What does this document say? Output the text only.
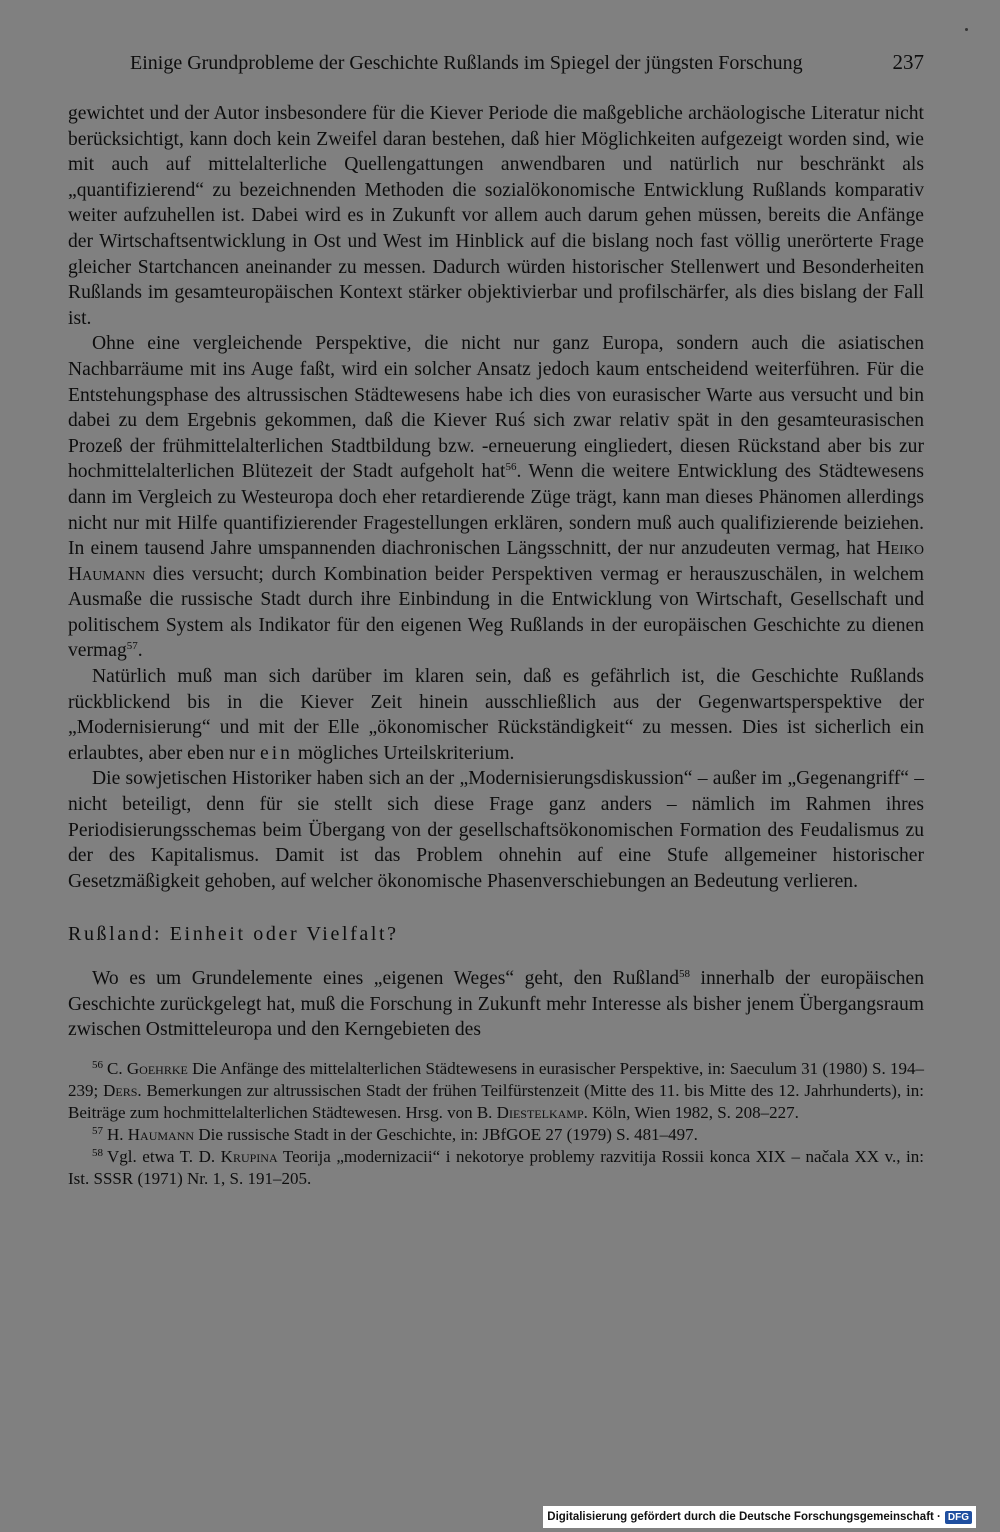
Einige Grundprobleme der Geschichte Rußlands im Spiegel der jüngsten Forschung	237

gewichtet und der Autor insbesondere für die Kiever Periode die maßgebliche archäologische Literatur nicht berücksichtigt, kann doch kein Zweifel daran bestehen, daß hier Möglichkeiten aufgezeigt worden sind, wie mit auch auf mittelalterliche Quellengattungen anwendbaren und natürlich nur beschränkt als „quantifizierend“ zu bezeichnenden Methoden die sozialökonomische Entwicklung Rußlands komparativ weiter aufzuhellen ist. Dabei wird es in Zukunft vor allem auch darum gehen müssen, bereits die Anfänge der Wirtschaftsentwicklung in Ost und West im Hinblick auf die bislang noch fast völlig unerörterte Frage gleicher Startchancen aneinander zu messen. Dadurch würden historischer Stellenwert und Besonderheiten Rußlands im gesamteuropäischen Kontext stärker objektivierbar und profilschärfer, als dies bislang der Fall ist.

Ohne eine vergleichende Perspektive, die nicht nur ganz Europa, sondern auch die asiatischen Nachbarräume mit ins Auge faßt, wird ein solcher Ansatz jedoch kaum entscheidend weiterführen. Für die Entstehungsphase des altrussischen Städtewesens habe ich dies von eurasischer Warte aus versucht und bin dabei zu dem Ergebnis gekommen, daß die Kiever Ruś sich zwar relativ spät in den gesamteurasischen Prozeß der frühmittelalterlichen Stadtbildung bzw. -erneuerung eingliedert, diesen Rückstand aber bis zur hochmittelalterlichen Blütezeit der Stadt aufgeholt hat$^{56}$. Wenn die weitere Entwicklung des Städtewesens dann im Vergleich zu Westeuropa doch eher retardierende Züge trägt, kann man dieses Phänomen allerdings nicht nur mit Hilfe quantifizierender Fragestellungen erklären, sondern muß auch qualifizierende beiziehen. In einem tausend Jahre umspannenden diachronischen Längsschnitt, der nur anzudeuten vermag, hat Heiko Haumann dies versucht; durch Kombination beider Perspektiven vermag er herauszuschälen, in welchem Ausmaße die russische Stadt durch ihre Einbindung in die Entwicklung von Wirtschaft, Gesellschaft und politischem System als Indikator für den eigenen Weg Rußlands in der europäischen Geschichte zu dienen vermag$^{57}$.

Natürlich muß man sich darüber im klaren sein, daß es gefährlich ist, die Geschichte Rußlands rückblickend bis in die Kiever Zeit hinein ausschließlich aus der Gegenwartsperspektive der „Modernisierung“ und mit der Elle „ökonomischer Rückständigkeit“ zu messen. Dies ist sicherlich ein erlaubtes, aber eben nur ein mögliches Urteilskriterium.

Die sowjetischen Historiker haben sich an der „Modernisierungsdiskussion“ – außer im „Gegenangriff“ – nicht beteiligt, denn für sie stellt sich diese Frage ganz anders – nämlich im Rahmen ihres Periodisierungsschemas beim Übergang von der gesellschaftsökonomischen Formation des Feudalismus zu der des Kapitalismus. Damit ist das Problem ohnehin auf eine Stufe allgemeiner historischer Gesetzmäßigkeit gehoben, auf welcher ökonomische Phasenverschiebungen an Bedeutung verlieren.

Rußland: Einheit oder Vielfalt?

Wo es um Grundelemente eines „eigenen Weges“ geht, den Rußland$^{58}$ innerhalb der europäischen Geschichte zurückgelegt hat, muß die Forschung in Zukunft mehr Interesse als bisher jenem Übergangsraum zwischen Ostmitteleuropa und den Kerngebieten des

$^{56}$ C. Goehrke Die Anfänge des mittelalterlichen Städtewesens in eurasischer Perspektive, in: Saeculum 31 (1980) S. 194–239; Ders. Bemerkungen zur altrussischen Stadt der frühen Teilfürstenzeit (Mitte des 11. bis Mitte des 12. Jahrhunderts), in: Beiträge zum hochmittelalterlichen Städtewesen. Hrsg. von B. Diestelkamp. Köln, Wien 1982, S. 208–227.

$^{57}$ H. Haumann Die russische Stadt in der Geschichte, in: JBfGOE 27 (1979) S. 481–497.

$^{58}$ Vgl. etwa T. D. Krupina Teorija „modernizacii“ i nekotorye problemy razvitija Rossii konca XIX – načala XX v., in: Ist. SSSR (1971) Nr. 1, S. 191–205.

Digitalisierung gefördert durch die Deutsche Forschungsgemeinschaft · DFG
